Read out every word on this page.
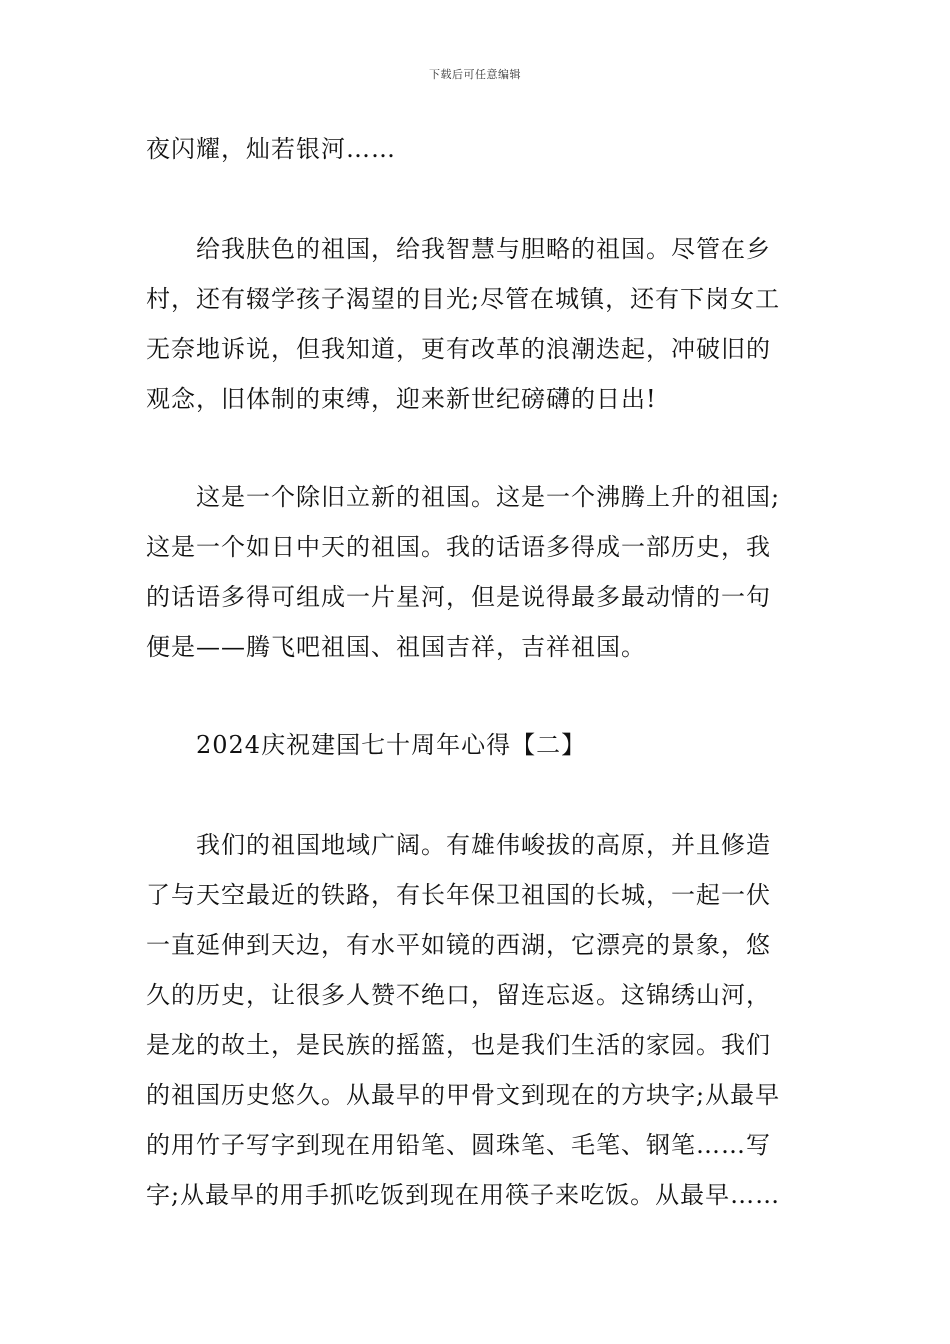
下载后可任意编辑
夜闪耀，灿若银河……
给我肤色的祖国，给我智慧与胆略的祖国。尽管在乡
村，还有辍学孩子渴望的目光;尽管在城镇，还有下岗女工
无奈地诉说，但我知道，更有改革的浪潮迭起，冲破旧的
观念，旧体制的束缚，迎来新世纪磅礴的日出!
这是一个除旧立新的祖国。这是一个沸腾上升的祖国;
这是一个如日中天的祖国。我的话语多得成一部历史，我
的话语多得可组成一片星河，但是说得最多最动情的一句
便是——腾飞吧祖国、祖国吉祥，吉祥祖国。
2024庆祝建国七十周年心得【二】
我们的祖国地域广阔。有雄伟峻拔的高原，并且修造
了与天空最近的铁路，有长年保卫祖国的长城，一起一伏
一直延伸到天边，有水平如镜的西湖，它漂亮的景象，悠
久的历史，让很多人赞不绝口，留连忘返。这锦绣山河，
是龙的故土，是民族的摇篮，也是我们生活的家园。我们
的祖国历史悠久。从最早的甲骨文到现在的方块字;从最早
的用竹子写字到现在用铅笔、圆珠笔、毛笔、钢笔……写
字;从最早的用手抓吃饭到现在用筷子来吃饭。从最早……
